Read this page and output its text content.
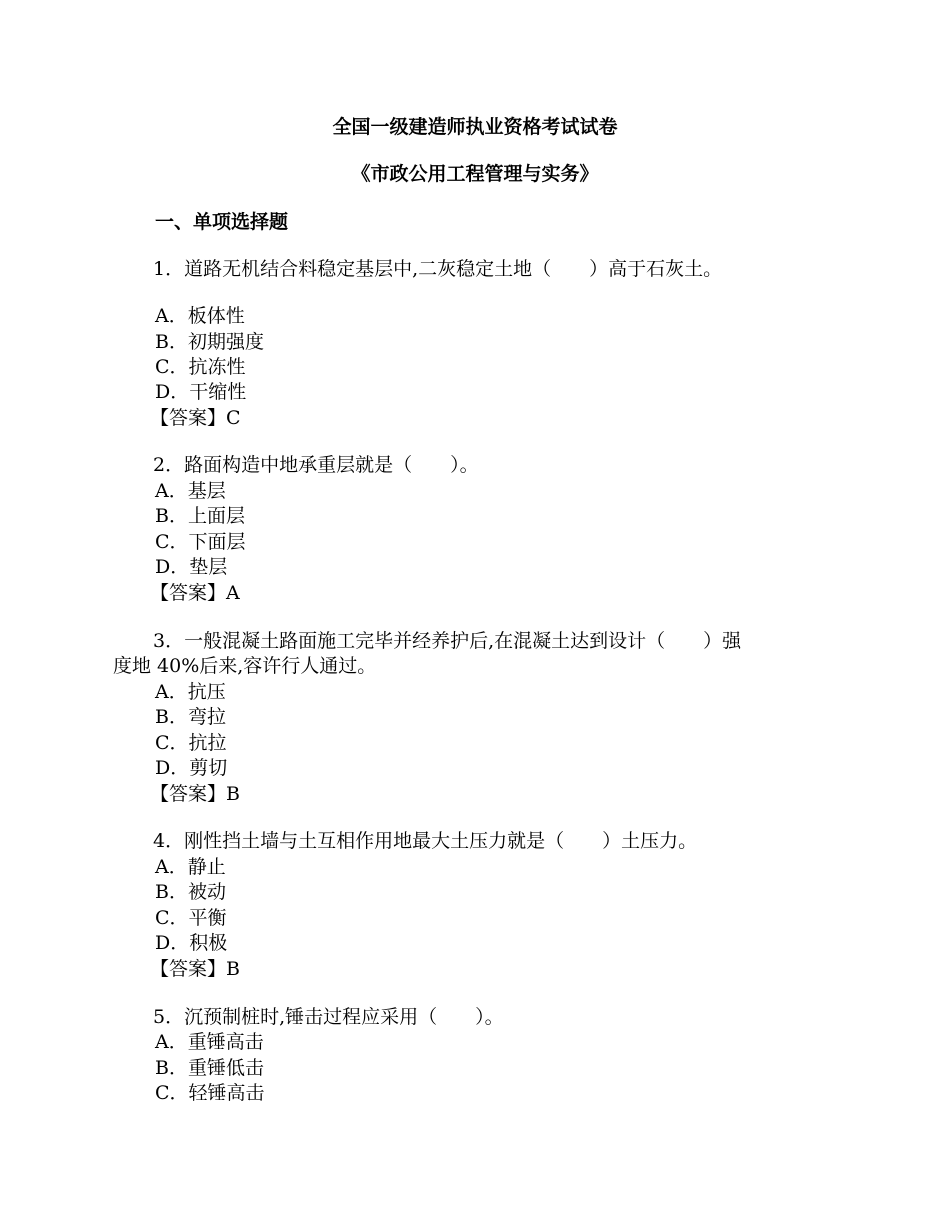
全国一级建造师执业资格考试试卷
《市政公用工程管理与实务》
一、单项选择题
1．道路无机结合料稳定基层中,二灰稳定土地（　　）高于石灰土。
A．板体性
B．初期强度
C．抗冻性
D．干缩性
【答案】C
2．路面构造中地承重层就是（　　）。
A．基层
B．上面层
C．下面层
D．垫层
【答案】A
3．一般混凝土路面施工完毕并经养护后,在混凝土达到设计（　　）强
度地 40%后来,容许行人通过。
A．抗压
B．弯拉
C．抗拉
D．剪切
【答案】B
4．刚性挡土墙与土互相作用地最大土压力就是（　　）土压力。
A．静止
B．被动
C．平衡
D．积极
【答案】B
5．沉预制桩时,锤击过程应采用（　　）。
A．重锤高击
B．重锤低击
C．轻锤高击
